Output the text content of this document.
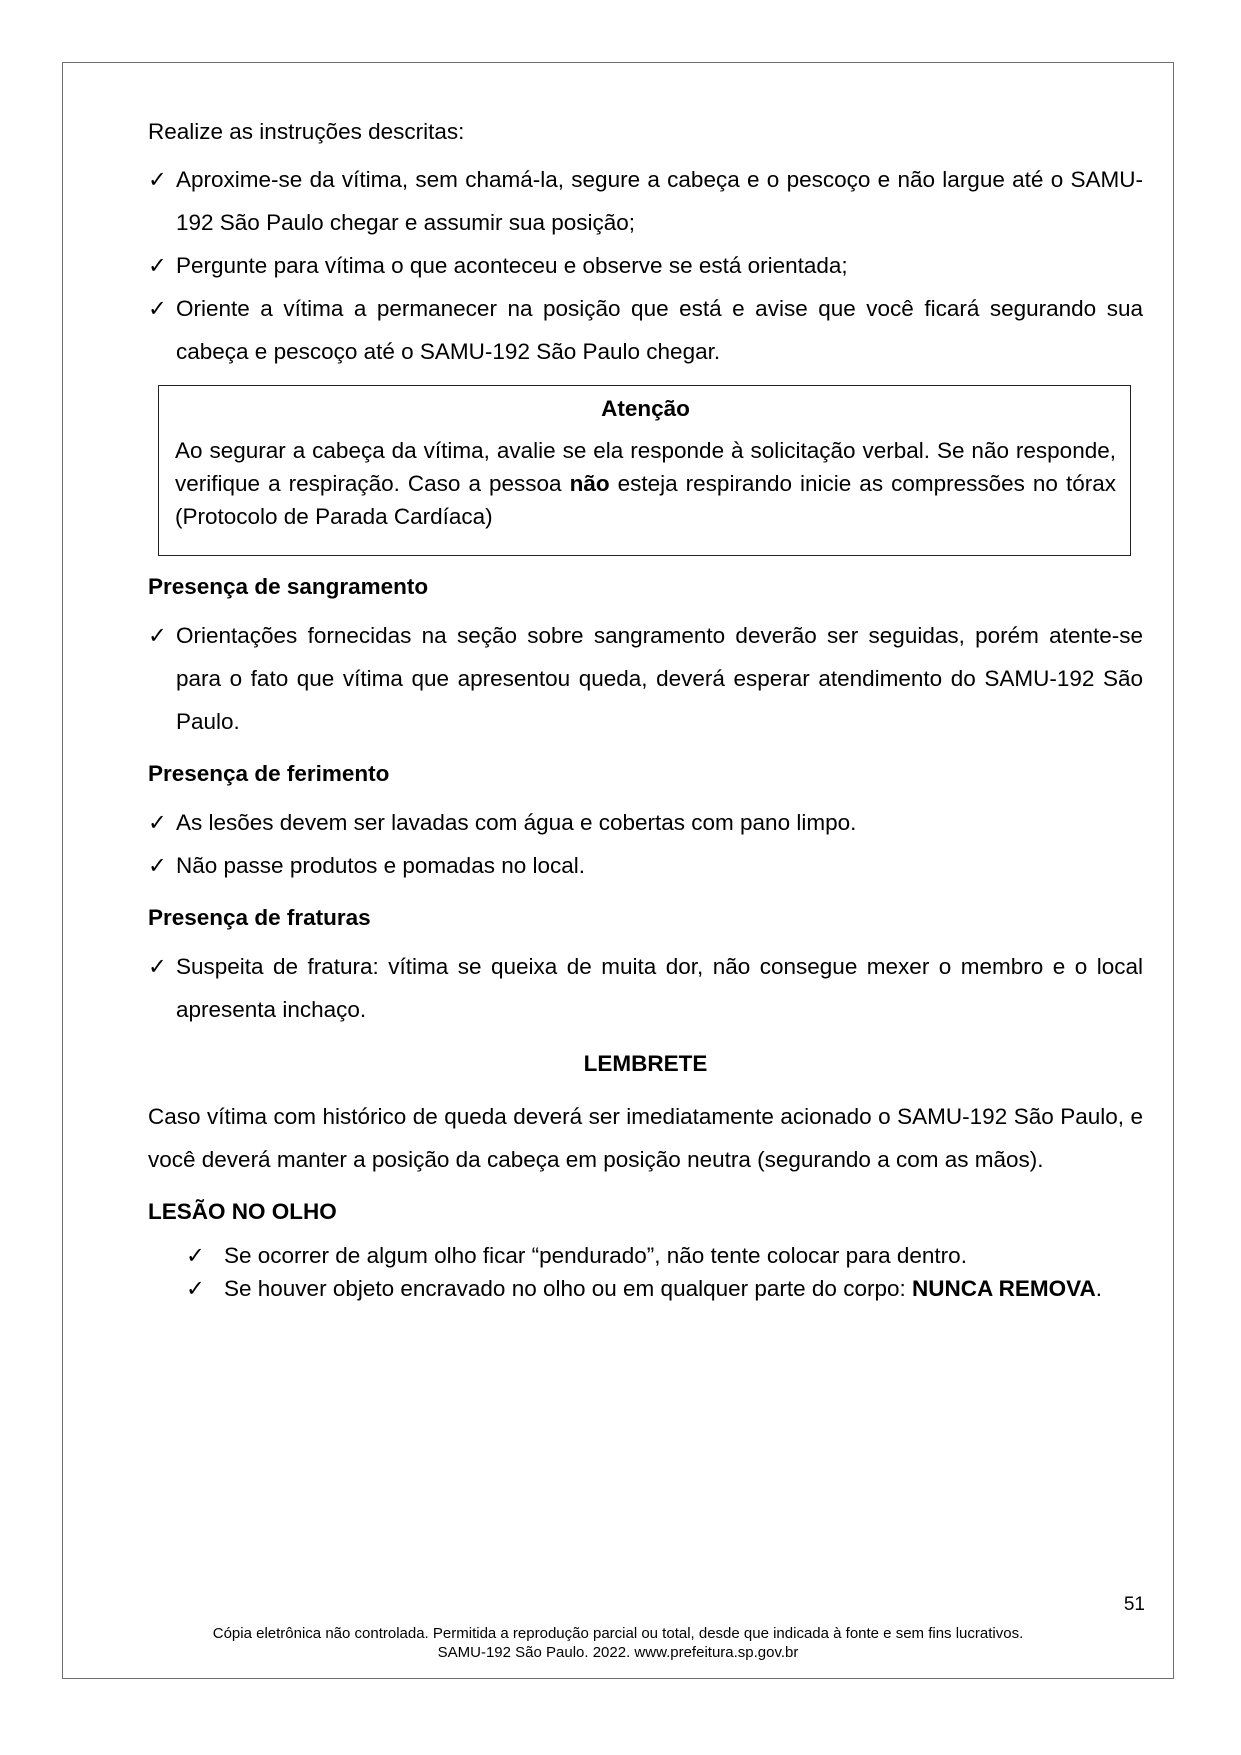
Realize as instruções descritas:

✓ Aproxime-se da vítima, sem chamá-la, segure a cabeça e o pescoço e não largue até o SAMU-192 São Paulo chegar e assumir sua posição;
✓ Pergunte para vítima o que aconteceu e observe se está orientada;
✓ Oriente a vítima a permanecer na posição que está e avise que você ficará segurando sua cabeça e pescoço até o SAMU-192 São Paulo chegar.

Atenção

Ao segurar a cabeça da vítima, avalie se ela responde à solicitação verbal. Se não responde, verifique a respiração. Caso a pessoa não esteja respirando inicie as compressões no tórax (Protocolo de Parada Cardíaca)

Presença de sangramento

✓ Orientações fornecidas na seção sobre sangramento deverão ser seguidas, porém atente-se para o fato que vítima que apresentou queda, deverá esperar atendimento do SAMU-192 São Paulo.

Presença de ferimento

✓ As lesões devem ser lavadas com água e cobertas com pano limpo.
✓ Não passe produtos e pomadas no local.

Presença de fraturas

✓ Suspeita de fratura: vítima se queixa de muita dor, não consegue mexer o membro e o local apresenta inchaço.

LEMBRETE

Caso vítima com histórico de queda deverá ser imediatamente acionado o SAMU-192 São Paulo, e você deverá manter a posição da cabeça em posição neutra (segurando a com as mãos).

LESÃO NO OLHO

✓ Se ocorrer de algum olho ficar “pendurado”, não tente colocar para dentro.
✓ Se houver objeto encravado no olho ou em qualquer parte do corpo: NUNCA REMOVA.
51
Cópia eletrônica não controlada. Permitida a reprodução parcial ou total, desde que indicada à fonte e sem fins lucrativos.
SAMU-192 São Paulo. 2022. www.prefeitura.sp.gov.br
